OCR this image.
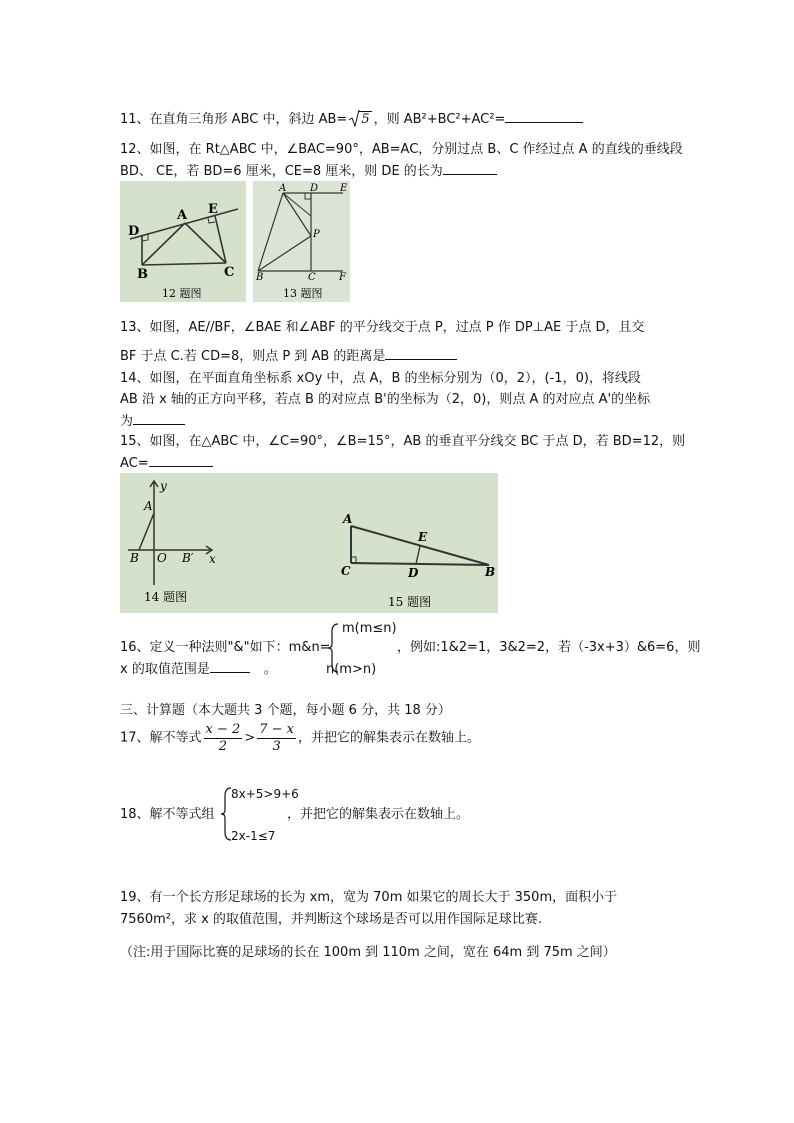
11、在直角三角形 ABC 中，斜边 AB= 5 ，则 AB²+BC²+AC²=
12、如图，在 Rt△ABC 中，∠BAC=90°，AB=AC，分别过点 B、C 作经过点 A 的直线的垂线段
BD、 CE，若 BD=6 厘米，CE=8 厘米，则 DE 的长为
D
A E
B	C
12 题图
A D E
P
B	C F
13 题图
13、如图，AE//BF，∠BAE 和∠ABF 的平分线交于点 P，过点 P 作 DP⊥AE 于点 D，且交
BF 于点 C.若 CD=8，则点 P 到 AB 的距离是
14、如图，在平面直角坐标系 xOy 中，点 A，B 的坐标分别为（0，2），(-1，0)，将线段
AB 沿 x 轴的正方向平移，若点 B 的对应点 B'的坐标为（2，0)，则点 A 的对应点 A'的坐标
为
15、如图，在△ABC 中，∠C=90°，∠B=15°，AB 的垂直平分线交 BC 于点 D，若 BD=12，则
AC=
y
A
B O B′ x
14 题图
A
E
C	D	B
15 题图
16、定义一种法则"&"如下：m&n=
m(m≤n)
n(m>n)
，例如:1&2=1，3&2=2，若（-3x+3）&6=6，则
x 的取值范围是	。
三、计算题（本大题共 3 个题，每小题 6 分，共 18 分）
17、解不等式 $\frac{x - 2}{2} > \frac{7 - x}{3}$ ，并把它的解集表示在数轴上。
18、解不等式组
8x+5>9+6
2x-1≤7
，并把它的解集表示在数轴上。
19、有一个长方形足球场的长为 xm，宽为 70m 如果它的周长大于 350m，面积小于
7560m²，求 x 的取值范围，并判断这个球场是否可以用作国际足球比赛.
（注:用于国际比赛的足球场的长在 100m 到 110m 之间，宽在 64m 到 75m 之间）
